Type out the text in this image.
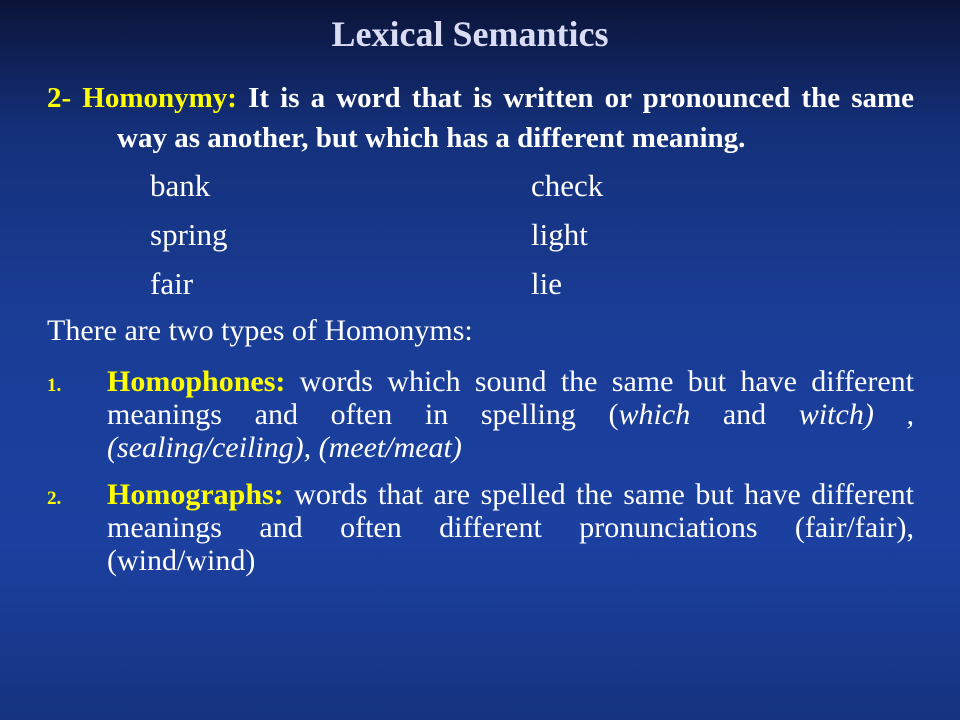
Lexical Semantics
2- Homonymy: It is a word that is written or pronounced the same way as another, but which has a different meaning.
bank	check
spring	light
fair	lie
There are two types of Homonyms:
1. Homophones: words which sound the same but have different meanings and often in spelling (which and witch) , (sealing/ceiling), (meet/meat)
2. Homographs: words that are spelled the same but have different meanings and often different pronunciations (fair/fair), (wind/wind)
